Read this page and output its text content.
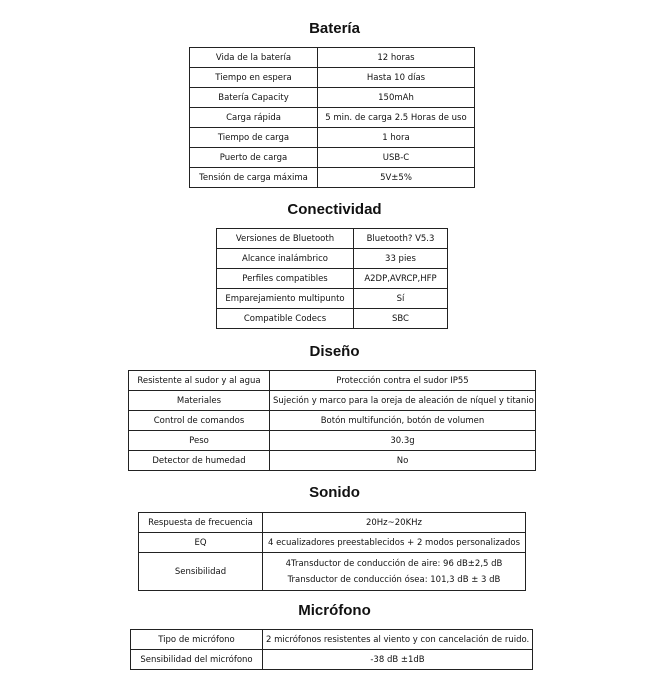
Batería
Vida de la batería	12 horas
Tiempo en espera	Hasta 10 días
Batería Capacity	150mAh
Carga rápida	5 min. de carga 2.5 Horas de uso
Tiempo de carga	1 hora
Puerto de carga	USB-C
Tensión de carga máxima	5V±5%
Conectividad
Versiones de Bluetooth	Bluetooth? V5.3
Alcance inalámbrico	33 pies
Perfiles compatibles	A2DP,AVRCP,HFP
Emparejamiento multipunto	Sí
Compatible Codecs	SBC
Diseño
Resistente al sudor y al agua	Protección contra el sudor IP55
Materiales	Sujeción y marco para la oreja de aleación de níquel y titanio
Control de comandos	Botón multifunción, botón de volumen
Peso	30.3g
Detector de humedad	No
Sonido
Respuesta de frecuencia	20Hz~20KHz
EQ	4 ecualizadores preestablecidos + 2 modos personalizados
Sensibilidad	4Transductor de conducción de aire: 96 dB±2,5 dB
Transductor de conducción ósea: 101,3 dB ± 3 dB
Micrófono
Tipo de micrófono	2 micrófonos resistentes al viento y con cancelación de ruido.
Sensibilidad del micrófono	-38 dB ±1dB
